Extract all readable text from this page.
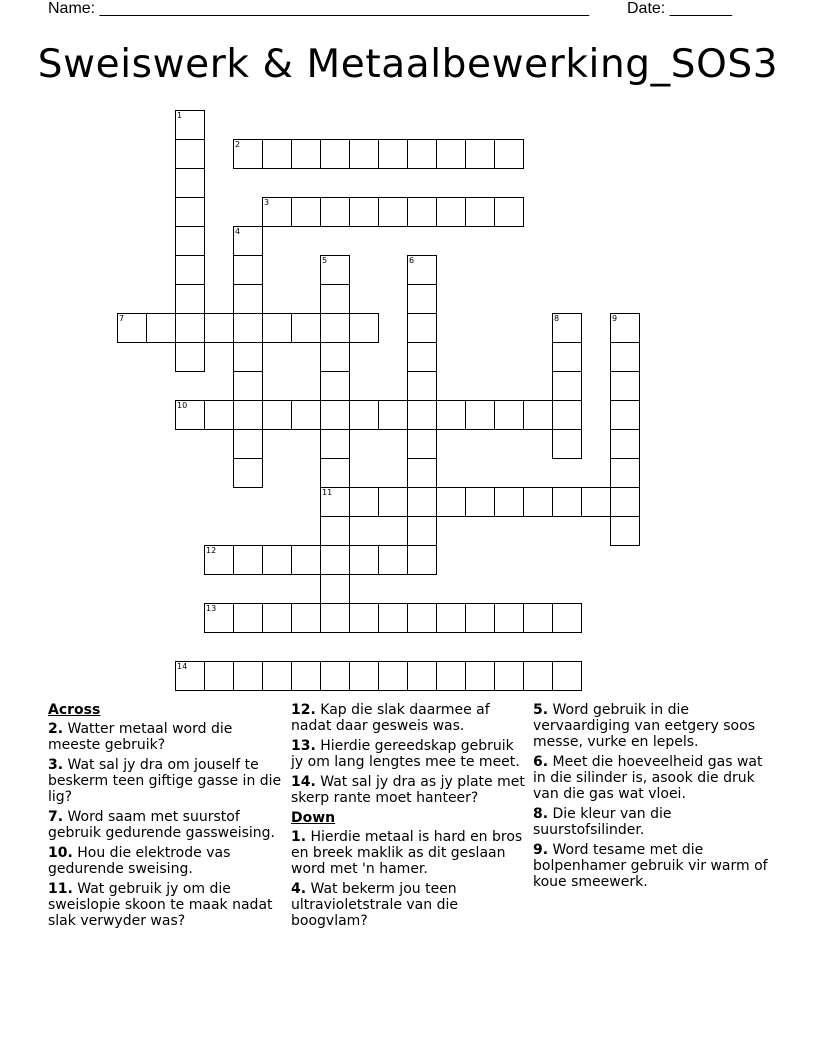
Name: _______________________________________________________ Date: _______
Sweiswerk & Metaalbewerking_SOS3
1
2
3
4
5
11
6
7	8	9
10
12
13
14
Across
2. Watter metaal word die meeste gebruik?
3. Wat sal jy dra om jouself te beskerm teen giftige gasse in die lig?
7. Word saam met suurstof gebruik gedurende gassweising.
10. Hou die elektrode vas gedurende sweising.
11. Wat gebruik jy om die sweislopie skoon te maak nadat slak verwyder was?
12. Kap die slak daarmee af nadat daar gesweis was.
13. Hierdie gereedskap gebruik jy om lang lengtes mee te meet.
14. Wat sal jy dra as jy plate met skerp rante moet hanteer?
Down
1. Hierdie metaal is hard en bros en breek maklik as dit geslaan word met 'n hamer.
4. Wat bekerm jou teen ultravioletstrale van die boogvlam?
5. Word gebruik in die vervaardiging van eetgery soos messe, vurke en lepels.
6. Meet die hoeveelheid gas wat in die silinder is, asook die druk van die gas wat vloei.
8. Die kleur van die suurstofsilinder.
9. Word tesame met die bolpenhamer gebruik vir warm of koue smeewerk.
